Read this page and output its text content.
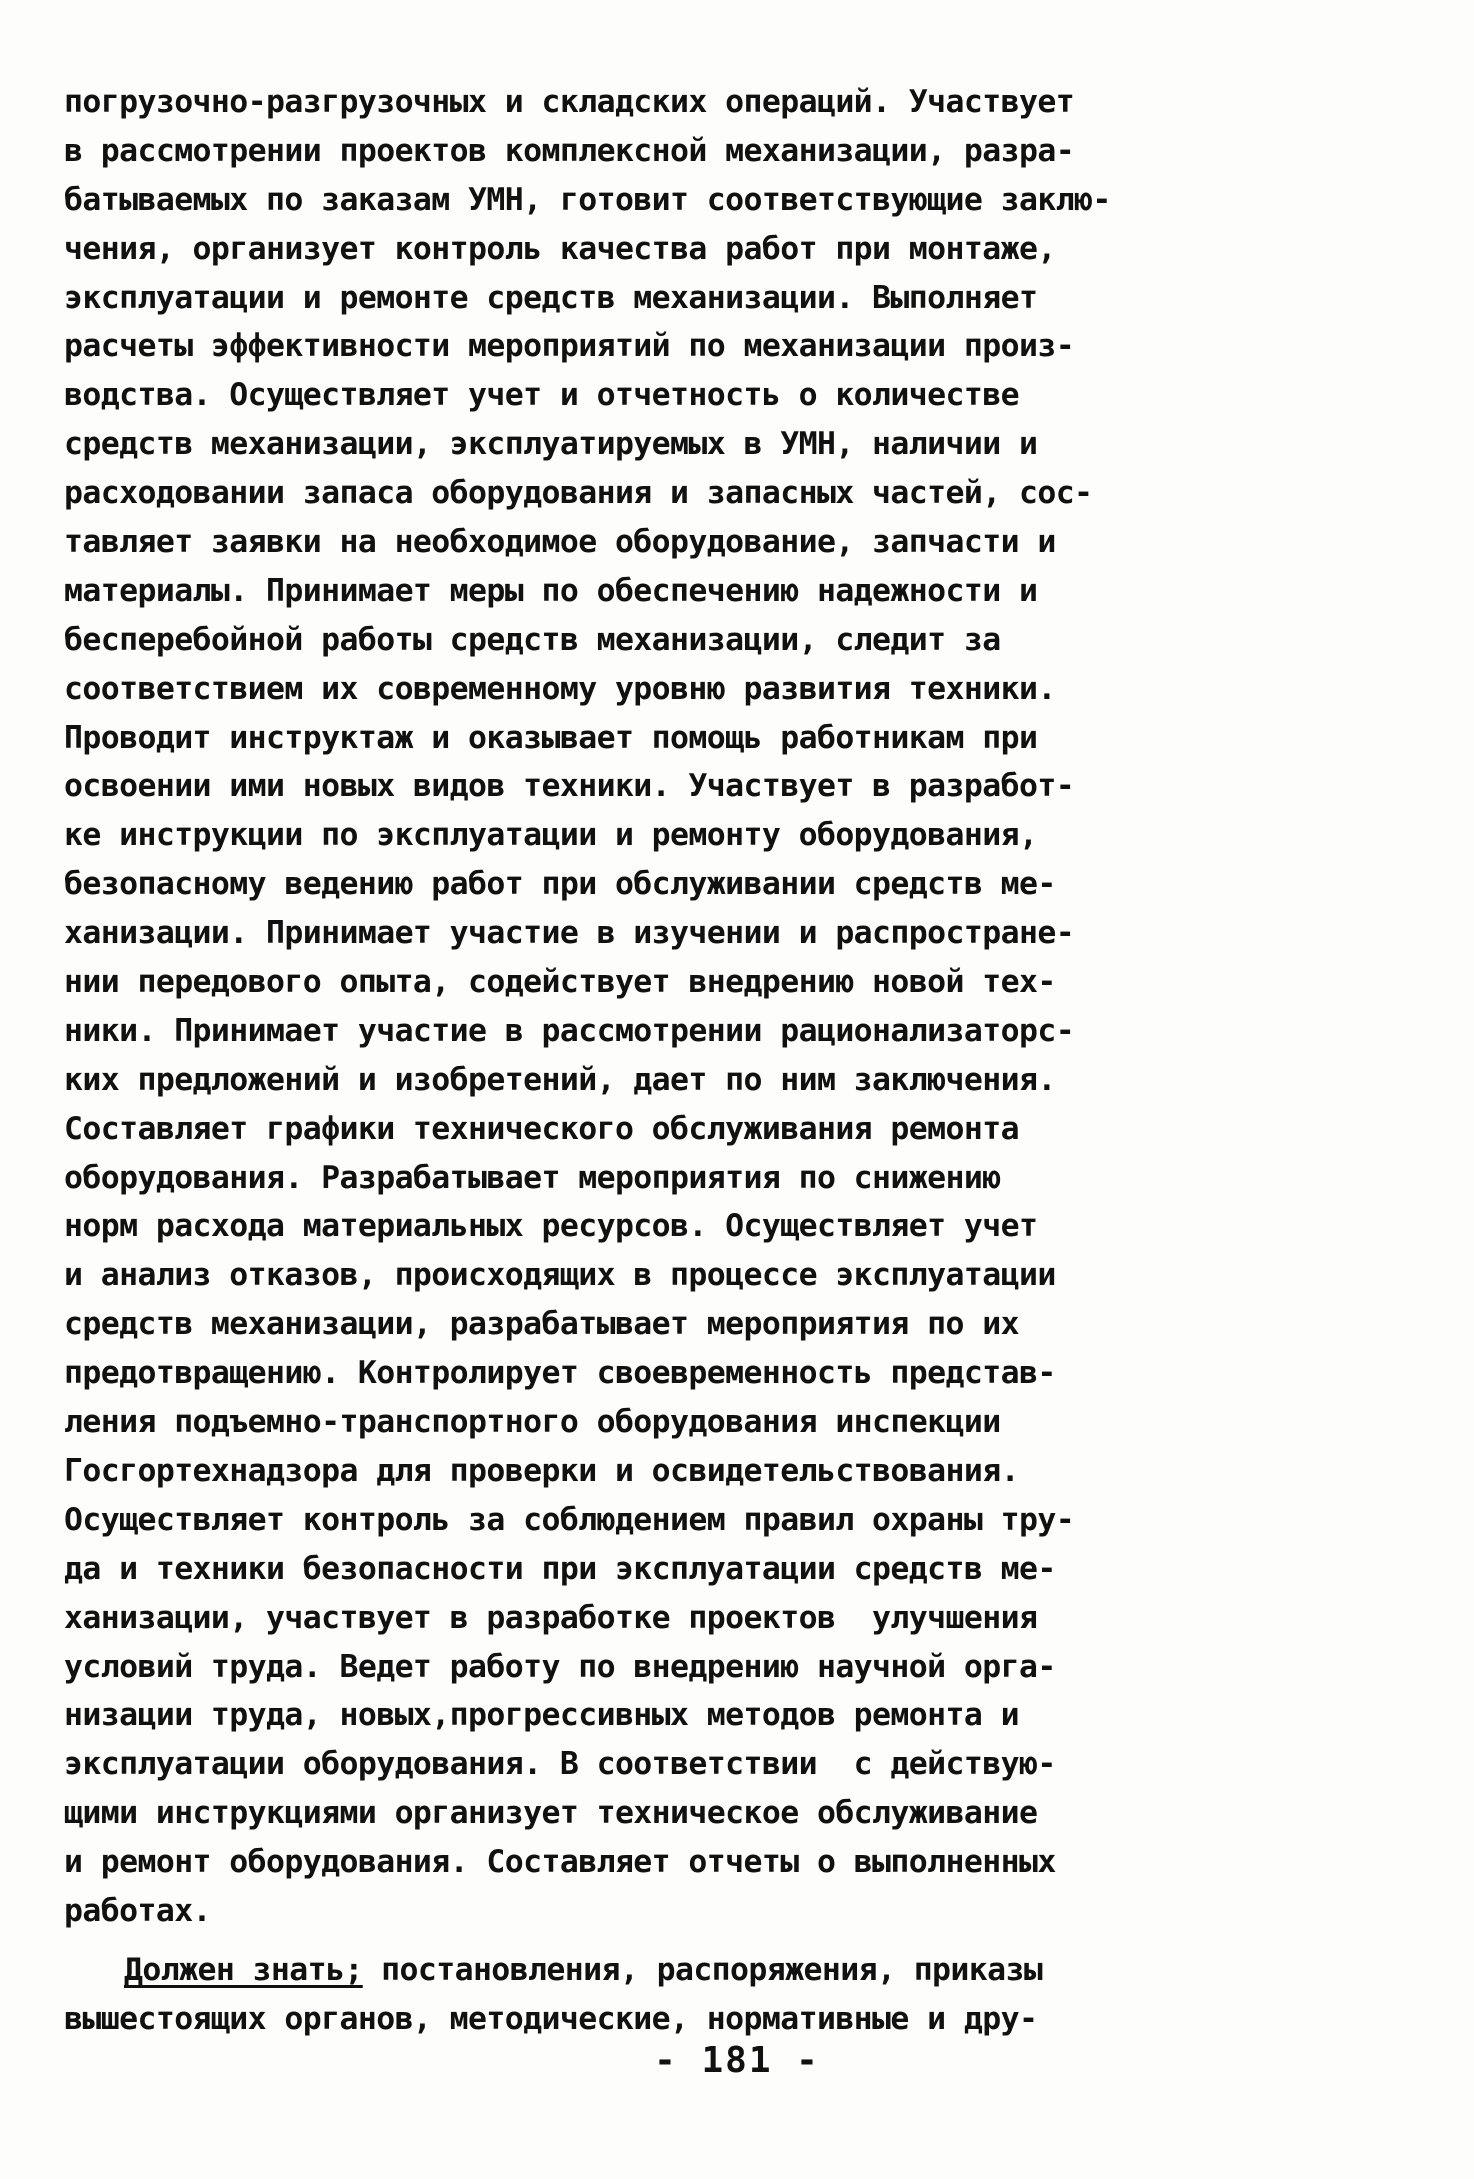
погрузочно-разгрузочных и складских операций. Участвует
в рассмотрении проектов комплексной механизации, разра-
батываемых по заказам УМН, готовит соответствующие заклю-
чения, организует контроль качества работ при монтаже,
эксплуатации и ремонте средств механизации. Выполняет
расчеты эффективности мероприятий по механизации произ-
водства. Осуществляет учет и отчетность о количестве
средств механизации, эксплуатируемых в УМН, наличии и
расходовании запаса оборудования и запасных частей, сос-
тавляет заявки на необходимое оборудование, запчасти и
материалы. Принимает меры по обеспечению надежности и
бесперебойной работы средств механизации, следит за
соответствием их современному уровню развития техники.
Проводит инструктаж и оказывает помощь работникам при
освоении ими новых видов техники. Участвует в разработ-
ке инструкции по эксплуатации и ремонту оборудования,
безопасному ведению работ при обслуживании средств ме-
ханизации. Принимает участие в изучении и распростране-
нии передового опыта, содействует внедрению новой тех-
ники. Принимает участие в рассмотрении рационализаторс-
ких предложений и изобретений, дает по ним заключения.
Составляет графики технического обслуживания ремонта
оборудования. Разрабатывает мероприятия по снижению
норм расхода материальных ресурсов. Осуществляет учет
и анализ отказов, происходящих в процессе эксплуатации
средств механизации, разрабатывает мероприятия по их
предотвращению. Контролирует своевременность представ-
ления подъемно-транспортного оборудования инспекции
Госгортехнадзора для проверки и освидетельствования.
Осуществляет контроль за соблюдением правил охраны тру-
да и техники безопасности при эксплуатации средств ме-
ханизации, участвует в разработке проектов  улучшения
условий труда. Ведет работу по внедрению научной орга-
низации труда, новых,прогрессивных методов ремонта и
эксплуатации оборудования. В соответствии  с действую-
щими инструкциями организует техническое обслуживание
и ремонт оборудования. Составляет отчеты о выполненных
работах.
Должен знать; постановления, распоряжения, приказы
вышестоящих органов, методические, нормативные и дру-
- 181 -
